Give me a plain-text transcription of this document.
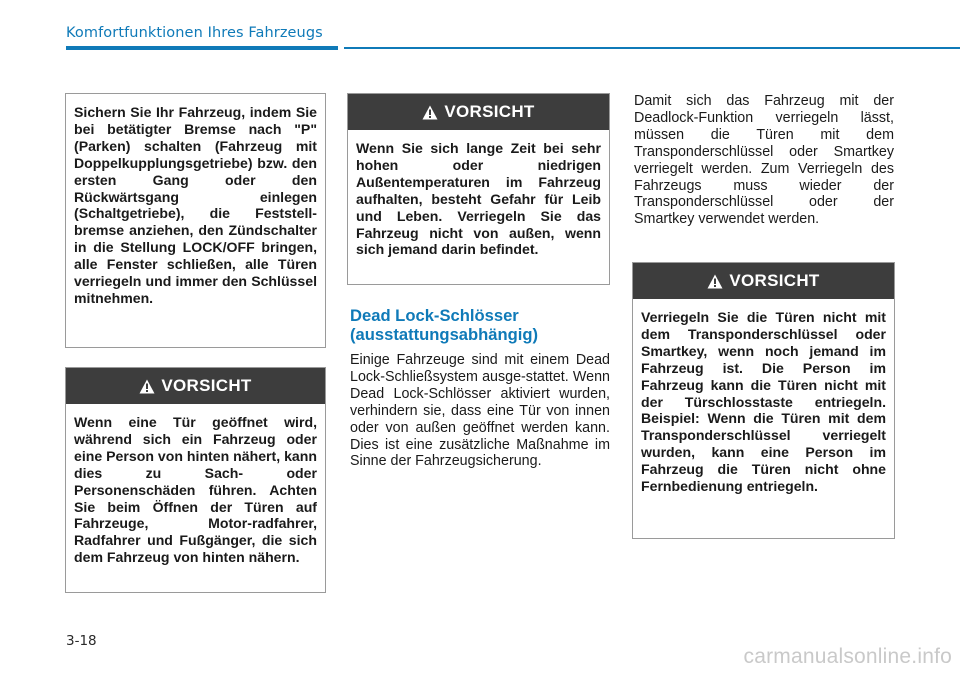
Komfortfunktionen Ihres Fahrzeugs
Sichern Sie Ihr Fahrzeug, indem Sie bei betätigter Bremse nach "P" (Parken) schalten (Fahrzeug mit Doppelkupplungsgetriebe) bzw. den ersten Gang oder den Rückwärtsgang einlegen (Schaltgetriebe), die Feststell-bremse anziehen, den Zündschalter in die Stellung LOCK/OFF bringen, alle Fenster schließen, alle Türen verriegeln und immer den Schlüssel mitnehmen.
VORSICHT
Wenn eine Tür geöffnet wird, während sich ein Fahrzeug oder eine Person von hinten nähert, kann dies zu Sach- oder Personenschäden führen. Achten Sie beim Öffnen der Türen auf Fahrzeuge, Motor-radfahrer, Radfahrer und Fußgänger, die sich dem Fahrzeug von hinten nähern.
VORSICHT
Wenn Sie sich lange Zeit bei sehr hohen oder niedrigen Außentemperaturen im Fahrzeug aufhalten, besteht Gefahr für Leib und Leben. Verriegeln Sie das Fahrzeug nicht von außen, wenn sich jemand darin befindet.
Dead Lock-Schlösser
(ausstattungsabhängig)
Einige Fahrzeuge sind mit einem Dead Lock-Schließsystem ausge-stattet. Wenn Dead Lock-Schlösser aktiviert wurden, verhindern sie, dass eine Tür von innen oder von außen geöffnet werden kann. Dies ist eine zusätzliche Maßnahme im Sinne der Fahrzeugsicherung.
Damit sich das Fahrzeug mit der Deadlock-Funktion verriegeln lässt, müssen die Türen mit dem Transponderschlüssel oder Smartkey verriegelt werden. Zum Verriegeln des Fahrzeugs muss wieder der Transponderschlüssel oder der Smartkey verwendet werden.
VORSICHT
Verriegeln Sie die Türen nicht mit dem Transponderschlüssel oder Smartkey, wenn noch jemand im Fahrzeug ist. Die Person im Fahrzeug kann die Türen nicht mit der Türschlosstaste entriegeln. Beispiel: Wenn die Türen mit dem Transponderschlüssel verriegelt wurden, kann eine Person im Fahrzeug die Türen nicht ohne Fernbedienung entriegeln.
3-18
carmanualsonline.info
